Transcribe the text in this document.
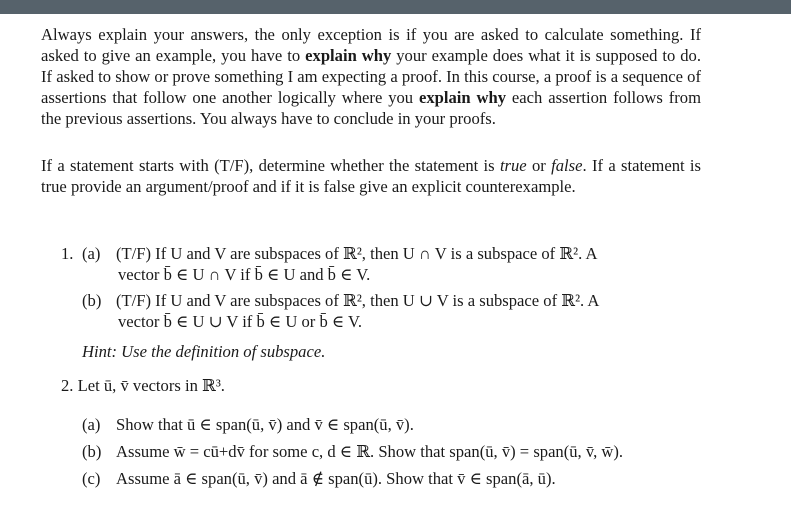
Always explain your answers, the only exception is if you are asked to calculate something. If asked to give an example, you have to explain why your example does what it is supposed to do. If asked to show or prove something I am expecting a proof. In this course, a proof is a sequence of assertions that follow one another logically where you explain why each assertion follows from the previous assertions. You always have to conclude in your proofs.
If a statement starts with (T/F), determine whether the statement is true or false. If a statement is true provide an argument/proof and if it is false give an explicit counterexample.
1. (a) (T/F) If U and V are subspaces of ℝ², then U ∩ V is a subspace of ℝ². A
vector b̄ ∈ U ∩ V if b̄ ∈ U and b̄ ∈ V.
(b) (T/F) If U and V are subspaces of ℝ², then U ∪ V is a subspace of ℝ². A
vector b̄ ∈ U ∪ V if b̄ ∈ U or b̄ ∈ V.
Hint: Use the definition of subspace.
2. Let ū, v̄ vectors in ℝ³.
(a) Show that ū ∈ span(ū, v̄) and v̄ ∈ span(ū, v̄).
(b) Assume w̄ = cū+dv̄ for some c, d ∈ ℝ. Show that span(ū, v̄) = span(ū, v̄, w̄).
(c) Assume ā ∈ span(ū, v̄) and ā ∉ span(ū). Show that v̄ ∈ span(ā, ū).
